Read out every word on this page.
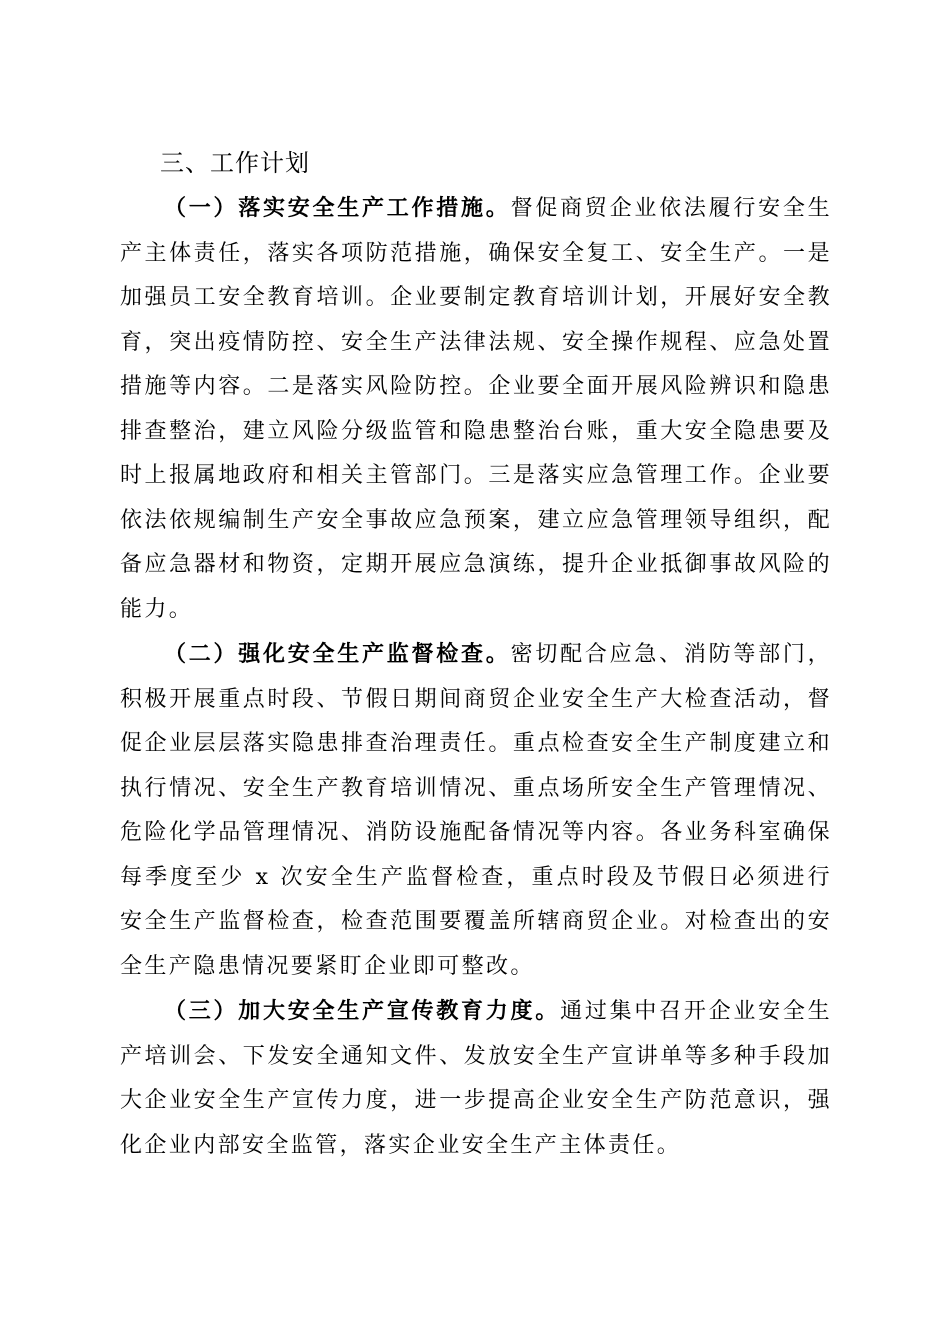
三、工作计划

（一）落实安全生产工作措施。督促商贸企业依法履行安全生产主体责任，落实各项防范措施，确保安全复工、安全生产。一是加强员工安全教育培训。企业要制定教育培训计划，开展好安全教育，突出疫情防控、安全生产法律法规、安全操作规程、应急处置措施等内容。二是落实风险防控。企业要全面开展风险辨识和隐患排查整治，建立风险分级监管和隐患整治台账，重大安全隐患要及时上报属地政府和相关主管部门。三是落实应急管理工作。企业要依法依规编制生产安全事故应急预案，建立应急管理领导组织，配备应急器材和物资，定期开展应急演练，提升企业抵御事故风险的能力。

（二）强化安全生产监督检查。密切配合应急、消防等部门，积极开展重点时段、节假日期间商贸企业安全生产大检查活动，督促企业层层落实隐患排查治理责任。重点检查安全生产制度建立和执行情况、安全生产教育培训情况、重点场所安全生产管理情况、危险化学品管理情况、消防设施配备情况等内容。各业务科室确保每季度至少 x 次安全生产监督检查，重点时段及节假日必须进行安全生产监督检查，检查范围要覆盖所辖商贸企业。对检查出的安全生产隐患情况要紧盯企业即可整改。

（三）加大安全生产宣传教育力度。通过集中召开企业安全生产培训会、下发安全通知文件、发放安全生产宣讲单等多种手段加大企业安全生产宣传力度，进一步提高企业安全生产防范意识，强化企业内部安全监管，落实企业安全生产主体责任。
